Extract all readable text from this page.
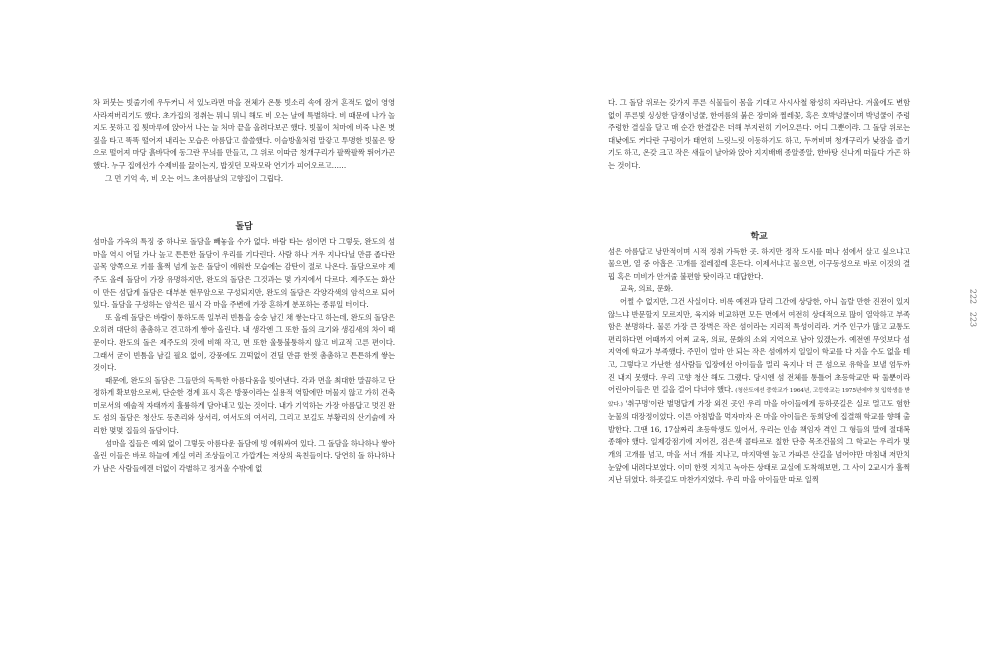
차 퍼붓는 빗줄기에 우두커니 서 있노라면 마을 전체가 온통 빗소리 속에 잠겨 흔적도 없이 영영 사라져버리기도 했다. 초가집의 정취는 뭐니 뭐니 해도 비 오는 날에 특별하다. 비 때문에 나가 놀지도 못하고 집 툇마루에 앉아서 나는 늘 처마 끝을 올려다보곤 했다. 빗물이 처마에 비죽 나온 볏짚을 타고 똑똑 떨어져 내리는 모습은 아름답고 쓸쓸했다. 이슬방울처럼 말갛고 투명한 빗물은 땅으로 떨어져 마당 흙바닥에 동그란 무늬를 만들고, 그 위로 이따금 청개구리가 팔짝팔짝 뛰어가곤 했다. 누구 집에선가 수제비를 끓이는지, 밥짓던 모락모락 연기가 피어오르고……

그 먼 기억 속, 비 오는 어느 초여름날의 고향집이 그립다.

돌담

섬마을 가옥의 특징 중 하나로 돌담을 빼놓을 수가 없다. 바람 타는 섬이면 다 그렇듯, 완도의 섬마을 역시 어딜 가나 높고 튼튼한 돌담이 우리를 기다린다. 사람 하나 겨우 지나다닐 만큼 좁다란 골목 양쪽으로 키를 훌쩍 넘게 높은 돌담이 에워싼 모습에는 감탄이 절로 나온다. 돌담으로야 제주도 올레 돌담이 가장 유명하지만, 완도의 돌담은 그것과는 몇 가지에서 다르다. 제주도는 화산이 만든 섬답게 돌담은 대부분 현무암으로 구성되지만, 완도의 돌담은 각양각색의 암석으로 되어 있다. 돌담을 구성하는 암석은 필시 각 마을 주변에 가장 흔하게 분포하는 종류일 터이다.

또 올레 돌담은 바람이 통하도록 일부러 빈틈을 숭숭 남긴 채 쌓는다고 하는데, 완도의 돌담은 오히려 대단히 촘촘하고 견고하게 쌓아 올린다. 내 생각엔 그 또한 돌의 크기와 생김새의 차이 때문이다. 완도의 돌은 제주도의 것에 비해 작고, 면 또한 울퉁불퉁하지 않고 비교적 고른 편이다. 그래서 굳이 빈틈을 남길 필요 없이, 강풍에도 끄떡없이 견딜 만큼 한껏 촘촘하고 튼튼하게 쌓는 것이다.

때문에, 완도의 돌담은 그들만의 독특한 아름다움을 빚어낸다. 각과 면을 최대한 말끔하고 단정하게 확보함으로써, 단순한 경계 표시 혹은 방풍이라는 실용적 역할에만 머물지 않고 가히 건축미로서의 예술적 자태까지 훌륭하게 담아내고 있는 것이다. 내가 기억하는 가장 아름답고 멋진 완도 섬의 돌담은 청산도 동촌리와 상서리, 여서도의 여서리, 그리고 보길도 부황리의 산기슭에 자리한 몇몇 집들의 돌담이다.

섬마을 집들은 예외 없이 그렇듯 아름다운 돌담에 빙 에워싸여 있다. 그 돌담을 하나하나 쌓아 올린 이들은 바로 하늘에 계실 여러 조상들이고 가깝게는 저상의 육친들이다. 당연히 돌 하나하나가 남은 사람들에겐 더없이 각별하고 정겨울 수밖에 없

다. 그 돌담 위로는 갖가지 푸른 식물들이 몸을 기대고 사시사철 왕성히 자라난다. 겨울에도 변함없이 푸른빛 싱싱한 담쟁이넝쿨, 한여름의 붉은 장미와 찔레꽃, 혹은 호박넝쿨이며 박넝쿨이 주렁주렁한 결실을 달고 매 순간 한결같은 더해 부지런히 기어오른다. 어디 그뿐이랴. 그 돌담 위로는 대낮에도 커다란 구렁이가 태연히 느릿느릿 이동하기도 하고, 두꺼비며 청개구리가 낮잠을 즐기기도 하고, 온갖 크고 작은 새들이 날아와 앉아 지지배배 종알종알, 한바탕 신나게 떠들다 가곤 하는 것이다.

학교

섬은 아름답고 낭만적이며 시적 정취 가득한 곳. 하지만 정작 도시를 떠나 섬에서 살고 싶으냐고 물으면, 열 중 아홉은 고개를 절레절레 흔든다. 이제서냐고 물으면, 이구동성으로 바로 이것의 결핍 혹은 미비가 안겨줄 불편함 탓이라고 대답한다.

교육, 의료, 문화.

어쩔 수 없지만, 그건 사실이다. 비록 예전과 달리 그간에 상당한, 아니 놀랄 만한 진전이 있지 않느냐 반문할지 모르지만, 육지와 비교하면 모든 면에서 여전히 상대적으로 많이 열악하고 부족함은 분명하다. 물론 가장 큰 장벽은 작은 섬이라는 지리적 특성이리라. 거주 인구가 많고 교통도 편리하다면 어때까지 어찌 교육, 의료, 문화의 소외 지역으로 남아 있겠는가. 예전엔 무엇보다 섬 지역에 학교가 부족했다. 주민이 얼마 안 되는 작은 섬에까지 일일이 학교를 다 지을 수도 없을 테고, 그렇다고 가난한 섬사람들 입장에선 아이들을 멀리 육지나 더 큰 섬으로 유학을 보낼 엄두까진 내지 못했다. 우리 고향 청산 해도 그랬다. 당시엔 섬 전체를 통틀어 초등학교만 딱 둘뿐이라 어린아이들은 먼 길을 걸어 다녀야 했다. (청산도에선 중학교가 1964년, 고등학교는 1975년에야 첫 입학생을 받았다.) '취구명'이란 별명답게 가장 외진 곳인 우리 마을 아이들에게 등하굣길은 실로 멀고도 험한 눈물의 대장정이었다. 이른 아침밥을 먹자마자 온 마을 아이들은 동희당에 집결해 학교를 향해 출발한다. 그땐 16, 17살짜리 초등학생도 있어서, 우리는 인솔 책임자 격인 그 형들의 말에 절대복종해야 했다. 일제강점기에 지어진, 검은색 콜타르로 칠한 단층 목조건물의 그 학교는 우리가 몇 개의 고개를 넘고, 마을 서너 개를 지나고, 마지막엔 높고 가파른 산길을 넘어야만 마침내 저만치 눈앞에 내려다보였다. 이미 한껏 지치고 녹아든 상태로 교실에 도착해보면, 그 사이 2교시가 훌쩍 지난 뒤였다. 하굣길도 마찬가지였다. 우리 마을 아이들만 따로 일찍

222
223
